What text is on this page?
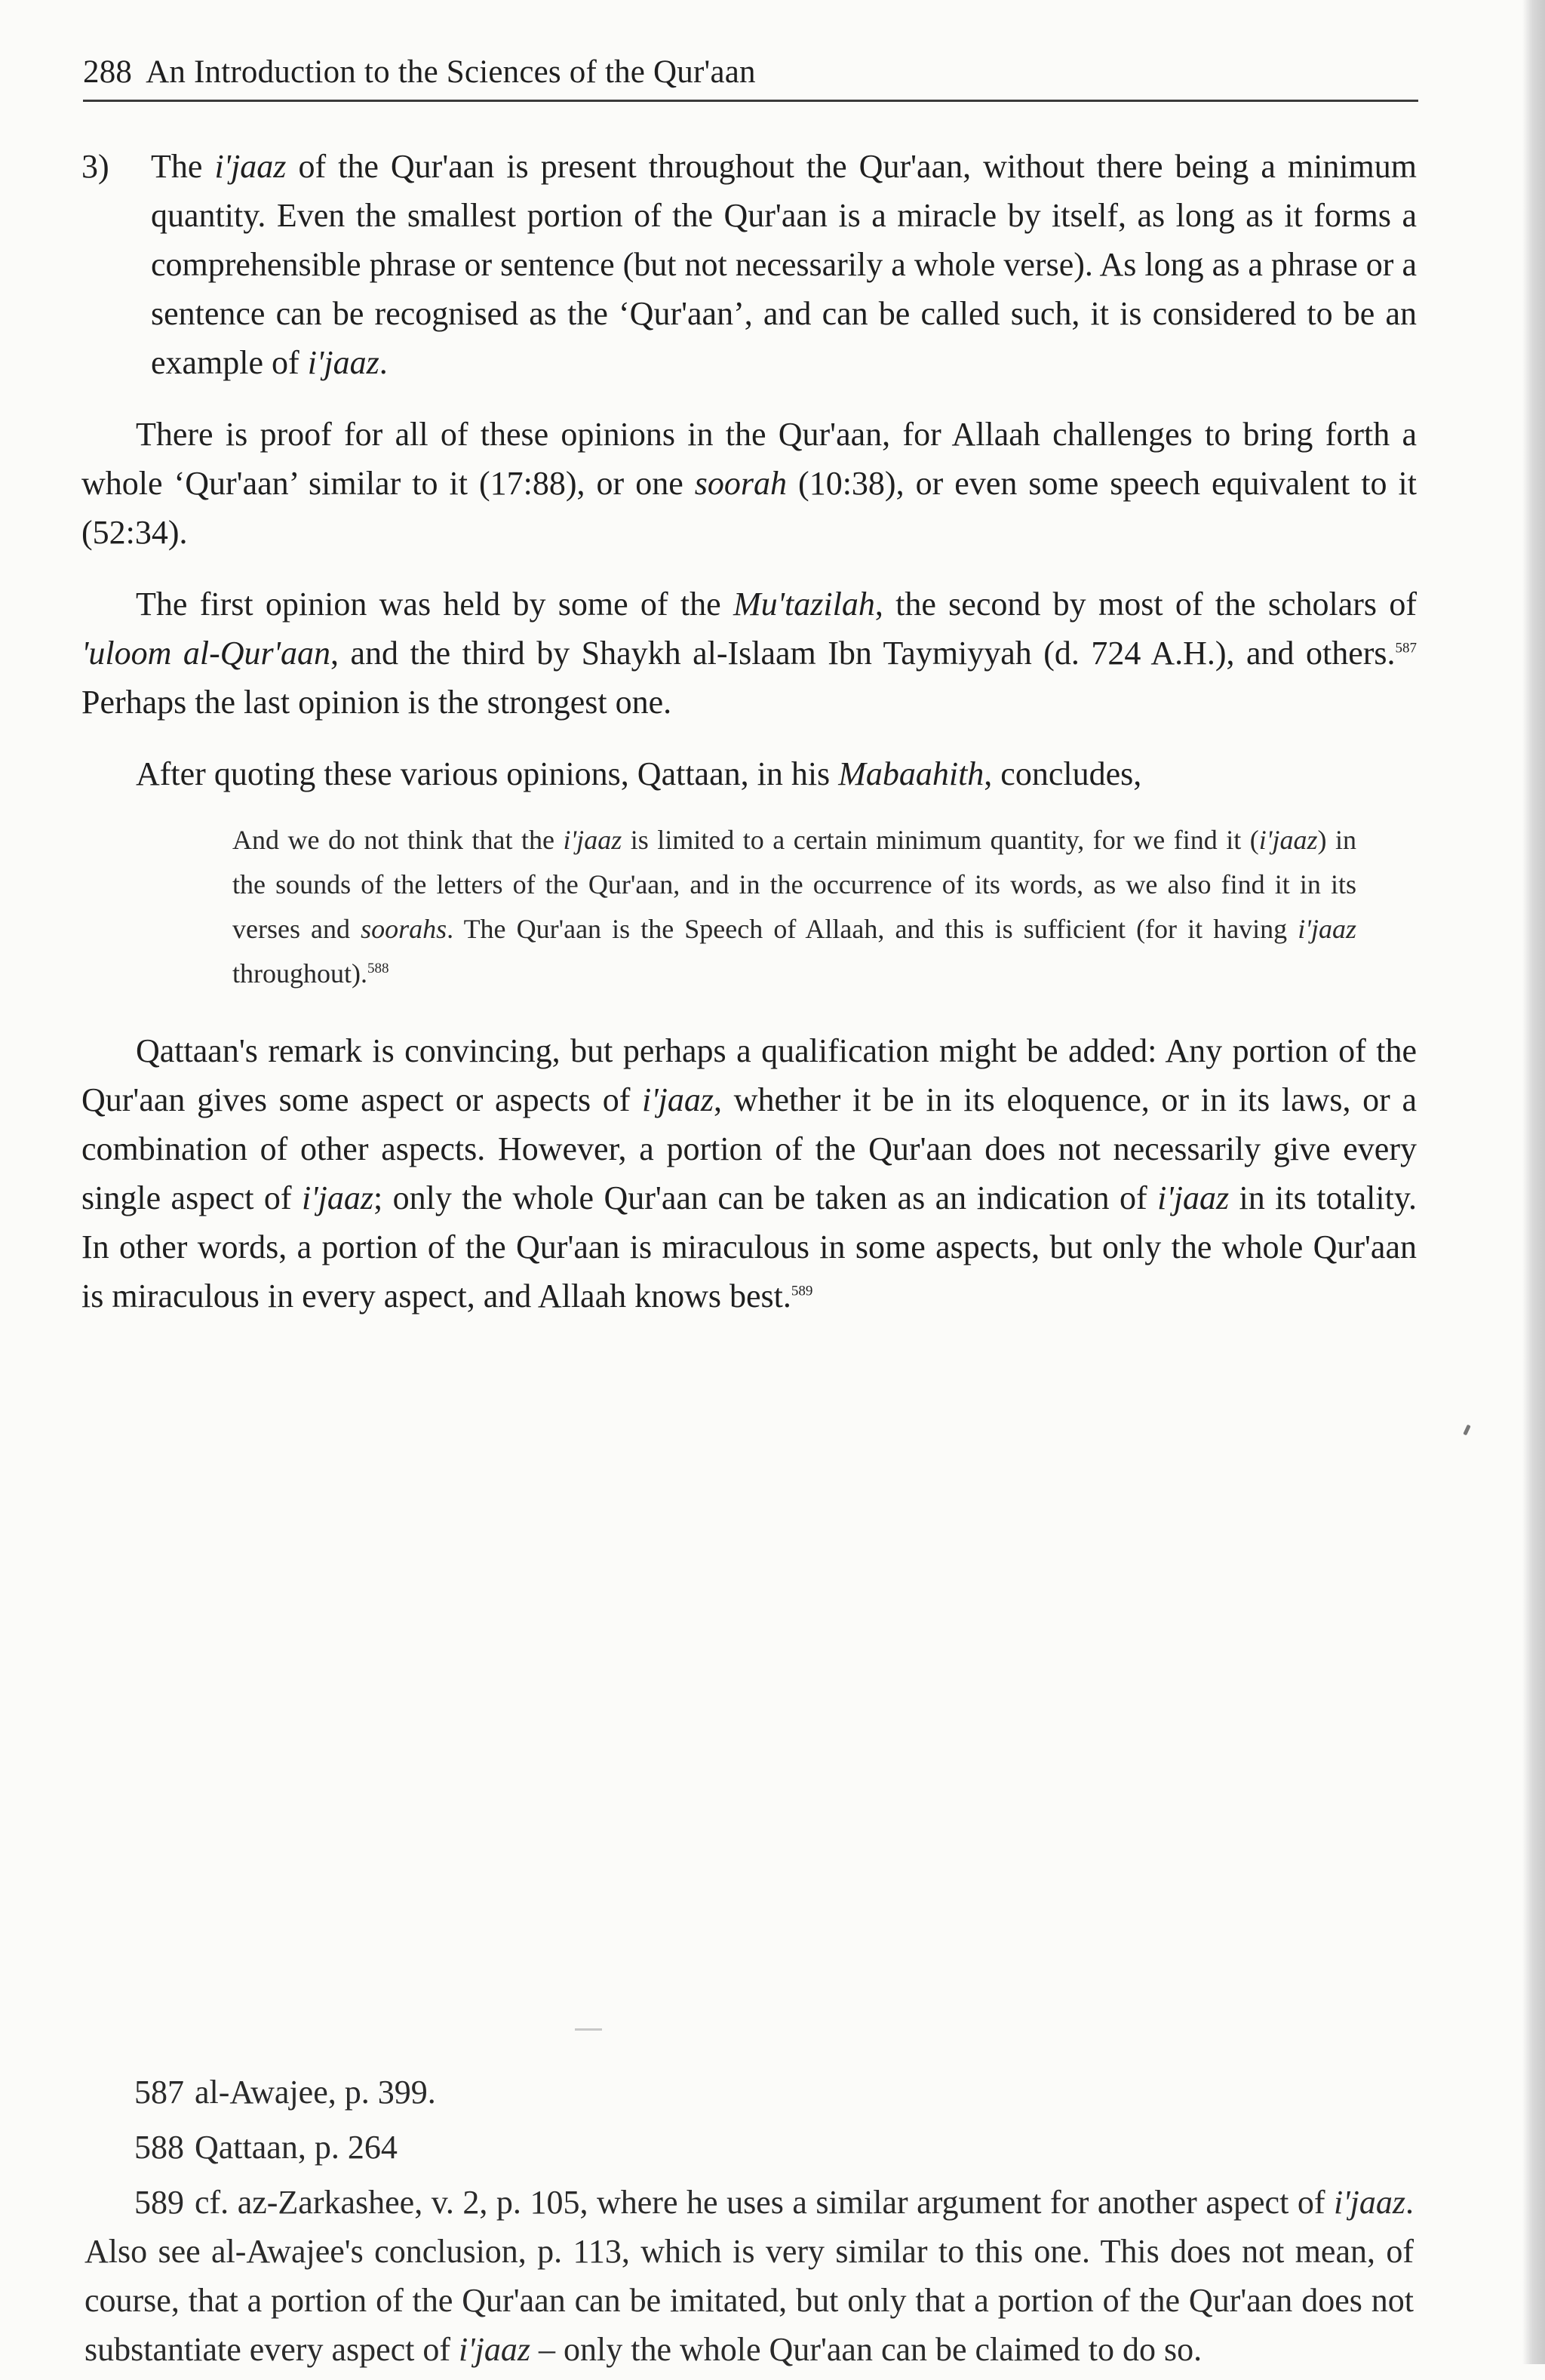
288 An Introduction to the Sciences of the Qur'aan

3) The i'jaaz of the Qur'aan is present throughout the Qur'aan, without there being a minimum quantity. Even the smallest portion of the Qur'aan is a miracle by itself, as long as it forms a comprehensible phrase or sentence (but not necessarily a whole verse). As long as a phrase or a sentence can be recognised as the ‘Qur'aan’, and can be called such, it is considered to be an example of i'jaaz.

There is proof for all of these opinions in the Qur'aan, for Allaah challenges to bring forth a whole ‘Qur'aan’ similar to it (17:88), or one soorah (10:38), or even some speech equivalent to it (52:34).

The first opinion was held by some of the Mu'tazilah, the second by most of the scholars of 'uloom al-Qur'aan, and the third by Shaykh al-Islaam Ibn Taymiyyah (d. 724 A.H.), and others.$^{587}$ Perhaps the last opinion is the strongest one.

After quoting these various opinions, Qattaan, in his Mabaahith, concludes,

And we do not think that the i'jaaz is limited to a certain minimum quantity, for we find it (i'jaaz) in the sounds of the letters of the Qur'aan, and in the occurrence of its words, as we also find it in its verses and soorahs. The Qur'aan is the Speech of Allaah, and this is sufficient (for it having i'jaaz throughout).$^{588}$

Qattaan's remark is convincing, but perhaps a qualification might be added: Any portion of the Qur'aan gives some aspect or aspects of i'jaaz, whether it be in its eloquence, or in its laws, or a combination of other aspects. However, a portion of the Qur'aan does not necessarily give every single aspect of i'jaaz; only the whole Qur'aan can be taken as an indication of i'jaaz in its totality. In other words, a portion of the Qur'aan is miraculous in some aspects, but only the whole Qur'aan is miraculous in every aspect, and Allaah knows best.$^{589}$

587 al-Awajee, p. 399.

588 Qattaan, p. 264

589 cf. az-Zarkashee, v. 2, p. 105, where he uses a similar argument for another aspect of i'jaaz. Also see al-Awajee's conclusion, p. 113, which is very similar to this one. This does not mean, of course, that a portion of the Qur'aan can be imitated, but only that a portion of the Qur'aan does not substantiate every aspect of i'jaaz – only the whole Qur'aan can be claimed to do so.
